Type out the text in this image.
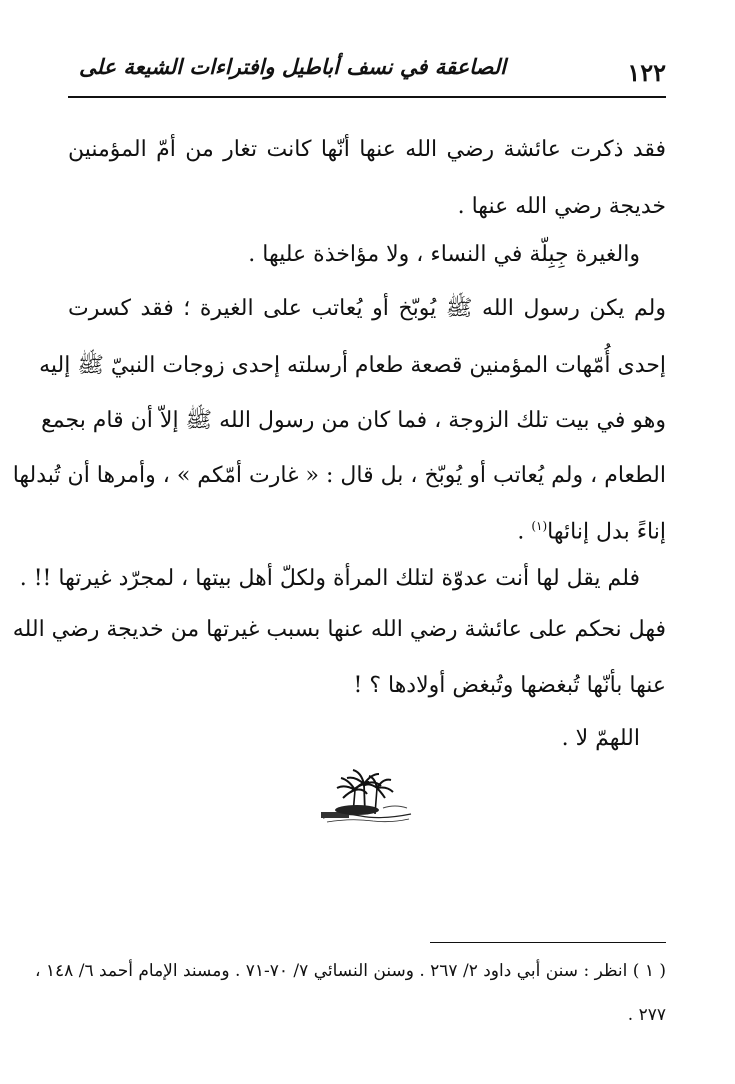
١٢٢
الصاعقة في نسف أباطيل وافتراءات الشيعة على
فقد ذكرت عائشة رضي الله عنها أنّها كانت تغار من أمّ المؤمنين
خديجة رضي الله عنها .
والغيرة جِبِلّة في النساء ، ولا مؤاخذة عليها .
ولم يكن رسول الله ﷺ يُوبّخ أو يُعاتب على الغيرة ؛ فقد كسرت
إحدى أُمّهات المؤمنين قصعة طعام أرسلته إحدى زوجات النبيّ ﷺ إليه
وهو في بيت تلك الزوجة ، فما كان من رسول الله ﷺ إلاّ أن قام بجمع
الطعام ، ولم يُعاتب أو يُوبّخ ، بل قال : « غارت أمّكم » ، وأمرها أن تُبدلها
إناءً بدل إنائها$^{(١)}$ .
فلم يقل لها أنت عدوّة لتلك المرأة ولكلّ أهل بيتها ، لمجرّد غيرتها !! .
فهل نحكم على عائشة رضي الله عنها بسبب غيرتها من خديجة رضي الله
عنها بأنّها تُبغضها وتُبغض أولادها ؟ !
اللهمّ لا .
( ١ ) انظر : سنن أبي داود ٢/ ٢٦٧ . وسنن النسائي ٧/ ٧٠-٧١ . ومسند الإمام أحمد ٦/ ١٤٨ ،
٢٧٧ .
